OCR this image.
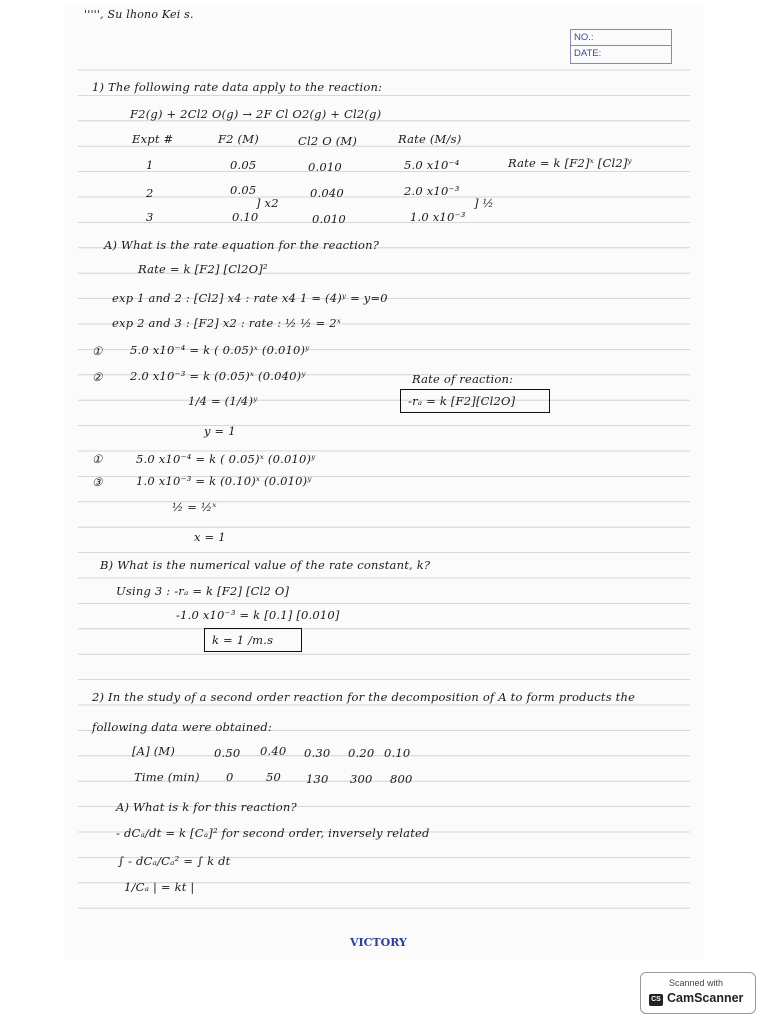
''''', Su lhono Kei s.
NO.:
DATE:
1) The following rate data apply to the reaction:
F2(g) + 2Cl2 O(g) → 2F Cl O2(g) + Cl2(g)
Expt #	F2 (M)	Cl2 O (M)	Rate (M/s)
1	0.05	0.010	5.0 x10⁻⁴	Rate = k [F2]ˣ [Cl2]ʸ
2	0.05	0.040	2.0 x10⁻³
] x2	] ½
3	0.10	0.010	1.0 x10⁻³
A) What is the rate equation for the reaction?
Rate = k [F2] [Cl2O]²
exp 1 and 2 : [Cl2] x4 : rate x4 1 = (4)ʸ = y=0
exp 2 and 3 : [F2] x2 : rate : ½ ½ = 2ˣ
① 5.0 x10⁻⁴ = k ( 0.05)ˣ (0.010)ʸ
② 2.0 x10⁻³ = k (0.05)ˣ (0.040)ʸ	Rate of reaction:
1/4 = (1/4)ʸ	-rₐ = k [F2][Cl2O]
y = 1
①	5.0 x10⁻⁴ = k ( 0.05)ˣ (0.010)ʸ
③	1.0 x10⁻³ = k (0.10)ˣ (0.010)ʸ
½ = ½ˣ
x = 1
B) What is the numerical value of the rate constant, k?
Using 3 : -rₐ = k [F2] [Cl2 O]
-1.0 x10⁻³ = k [0.1] [0.010]
k = 1 /m.s
2) In the study of a second order reaction for the decomposition of A to form products the
following data were obtained:
[A] (M)	0.50 0.40 0.30 0.20 0.10
Time (min) 0	50 130 300 800
A) What is k for this reaction?
- dCₐ/dt = k [Cₐ]² for second order, inversely related
∫ - dCₐ/Cₐ² = ∫ k dt
1/Cₐ | = kt |
VICTORY
Scanned with
CS CamScanner
